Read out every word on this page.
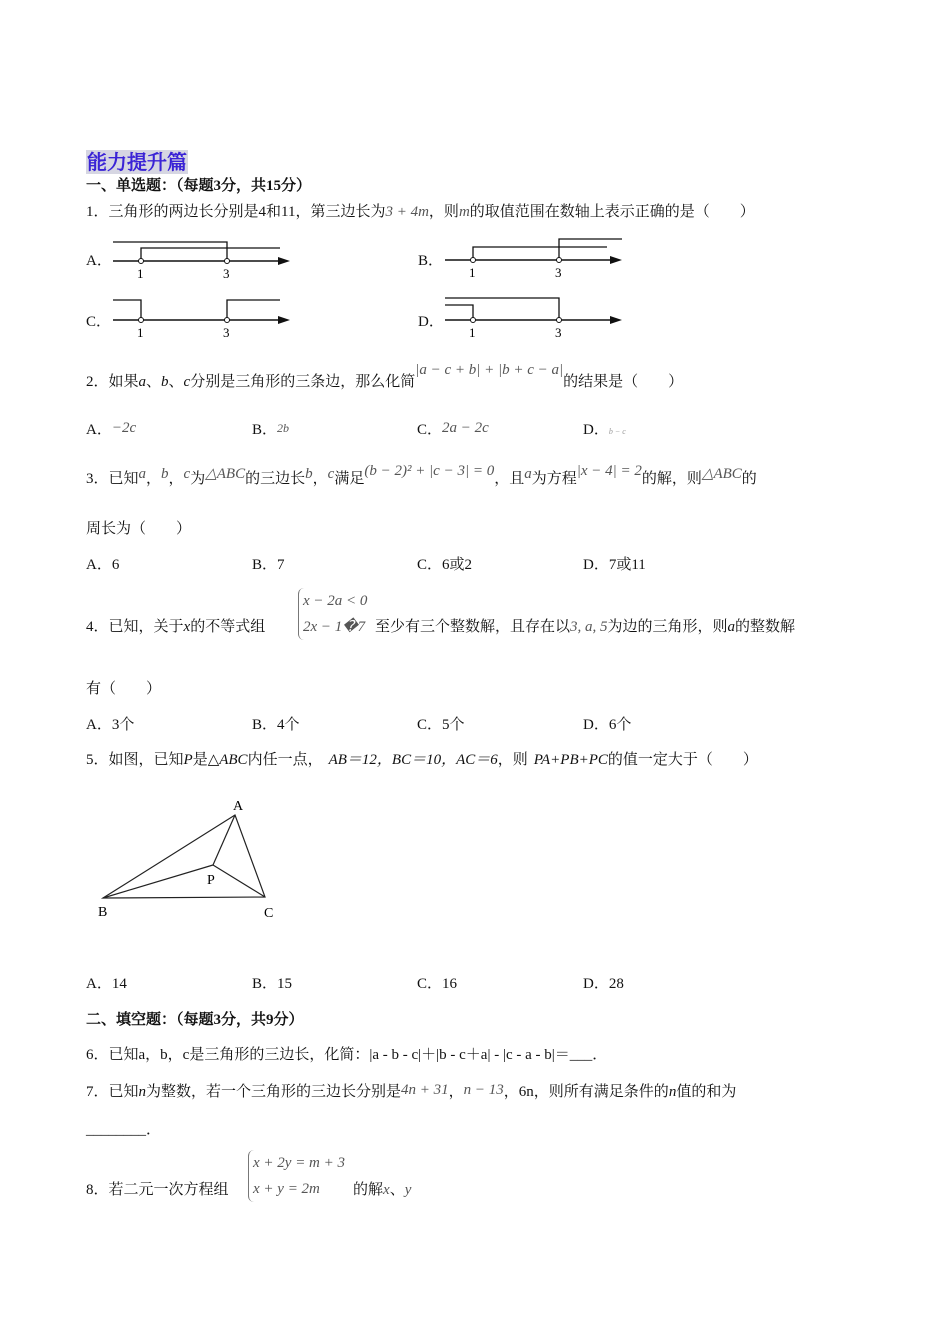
能力提升篇
一、单选题：（每题3分，共15分）
1．三角形的两边长分别是4和11，第三边长为3 + 4m，则m的取值范围在数轴上表示正确的是（　　）
A．	B．
C．	D．
1	3	1	3
1	3	1	3
2．如果a、b、c分别是三角形的三条边，那么化简|a − c + b| + |b + c − a|的结果是（　　）
A．−2c	B．2b	C．2a − 2c	D．b − c
3．已知a，b，c为△ABC的三边长b，c满足(b − 2)² + |c − 3| = 0，且a为方程|x − 4| = 2的解，则△ABC的
周长为（　　）
A．6	B．7	C．6或2	D．7或11
4．已知，关于x的不等式组
x − 2a < 0
2x − 1�7 至少有三个整数解，且存在以3, a, 5为边的三角形，则a的整数解
有（　　）
A．3个	B．4个	C．5个	D．6个
5．如图，已知P是△ABC内任一点， AB＝12，BC＝10，AC＝6，则 PA+PB+PC的值一定大于（　　）
A
B	C
P
A．14	B．15	C．16	D．28
二、填空题：（每题3分，共9分）
6．已知a，b，c是三角形的三边长，化简：|a - b - c|＋|b - c＋a| - |c - a - b|＝___．
7．已知n为整数，若一个三角形的三边长分别是4n + 31，n − 13，6n，则所有满足条件的n值的和为
________．
8．若二元一次方程组
x + 2y = m + 3
x + y = 2m	的解x、y
